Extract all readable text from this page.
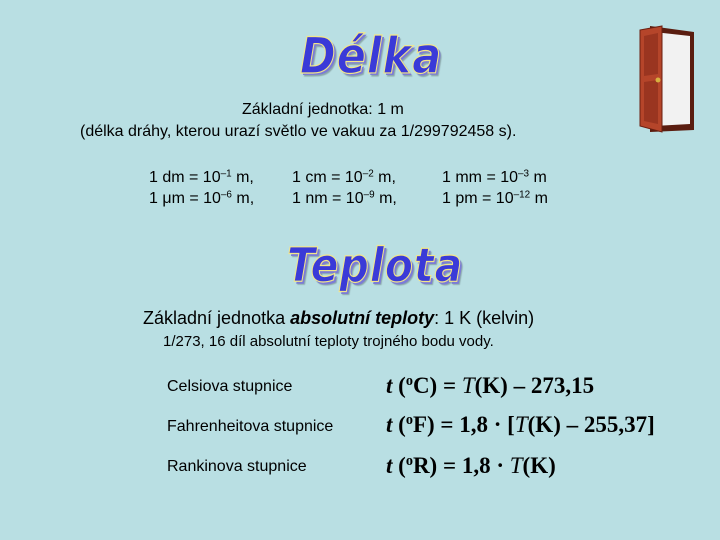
Délka
Základní jednotka: 1 m
(délka dráhy, kterou urazí světlo ve vakuu za 1/299792458 s).
1 dm = $10^{-1}$ m, 1 cm = $10^{-2}$ m,	1 mm = $10^{-3}$ m
1 $\mu m = 10^{-6}$ m, 1 nm = $10^{-9}$ m,	1 pm = $10^{-12}$ m
Teplota
Základní jednotka absolutní teploty: 1 K (kelvin)
1/273, 16 díl absolutní teploty trojného bodu vody.
Celsiova stupnice	t ($^o$C) = T(K) – 273,15
Fahrenheitova stupnice t ($^o$F) = 1,8 · [T(K) – 255,37]
Rankinova stupnice	t ($^o$R) = 1,8 · T(K)
